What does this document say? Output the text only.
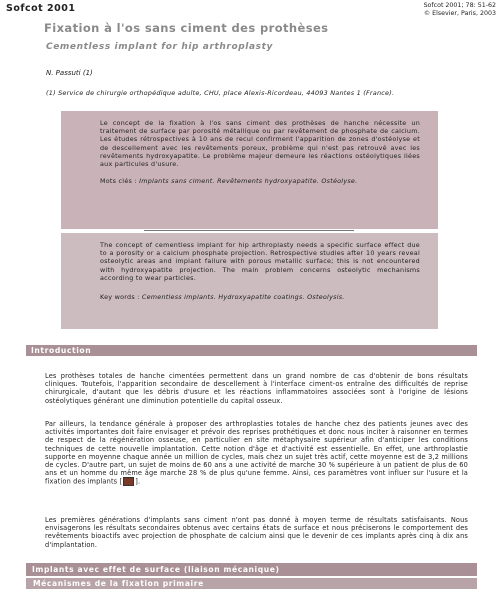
Sofcot 2001	Sofcot 2001; 78: 51-62
© Elsevier, Paris, 2003
Fixation à l'os sans ciment des prothèses
Cementless implant for hip arthroplasty
N. Passuti (1)
(1) Service de chirurgie orthopédique adulte, CHU, place Alexis-Ricordeau, 44093 Nantes 1 (France).

Le concept de la fixation à l'os sans ciment des prothèses de hanche nécessite un traitement de surface par porosité métallique ou par revêtement de phosphate de calcium. Les études rétrospectives à 10 ans de recul confirment l'apparition de zones d'ostéolyse et de descellement avec les revêtements poreux, problème qui n'est pas retrouvé avec les revêtements hydroxyapatite. Le problème majeur demeure les réactions ostéolytiques liées aux particules d'usure.

Mots clés : Implants sans ciment. Revêtements hydroxyapatite. Ostéolyse.

The concept of cementless implant for hip arthroplasty needs a specific surface effect due to a porosity or a calcium phosphate projection. Retrospective studies after 10 years reveal osteolytic areas and implant failure with porous metallic surface; this is not encountered with hydroxyapatite projection. The main problem concerns osteolytic mechanisms according to wear particles.

Key words : Cementless implants. Hydroxyapatite coatings. Osteolysis.

Introduction
Les prothèses totales de hanche cimentées permettent dans un grand nombre de cas d'obtenir de bons résultats cliniques. Toutefois, l'apparition secondaire de descellement à l'interface ciment-os entraîne des difficultés de reprise chirurgicale, d'autant que les débris d'usure et les réactions inflammatoires associées sont à l'origine de lésions ostéolytiques générant une diminution potentielle du capital osseux.
Par ailleurs, la tendance générale à proposer des arthroplasties totales de hanche chez des patients jeunes avec des activités importantes doit faire envisager et prévoir des reprises prothétiques et donc nous inciter à raisonner en termes de respect de la régénération osseuse, en particulier en site métaphysaire supérieur afin d'anticiper les conditions techniques de cette nouvelle implantation. Cette notion d'âge et d'activité est essentielle. En effet, une arthroplastie supporte en moyenne chaque année un million de cycles, mais chez un sujet très actif, cette moyenne est de 3,2 millions de cycles. D'autre part, un sujet de moins de 60 ans a une activité de marche 30 % supérieure à un patient de plus de 60 ans et un homme du même âge marche 28 % de plus qu'une femme. Ainsi, ces paramètres vont influer sur l'usure et la fixation des implants [ ].
Les premières générations d'implants sans ciment n'ont pas donné à moyen terme de résultats satisfaisants. Nous envisagerons les résultats secondaires obtenus avec certains états de surface et nous préciserons le comportement des revêtements bioactifs avec projection de phosphate de calcium ainsi que le devenir de ces implants après cinq à dix ans d'implantation.
Implants avec effet de surface (liaison mécanique)
Mécanismes de la fixation primaire
